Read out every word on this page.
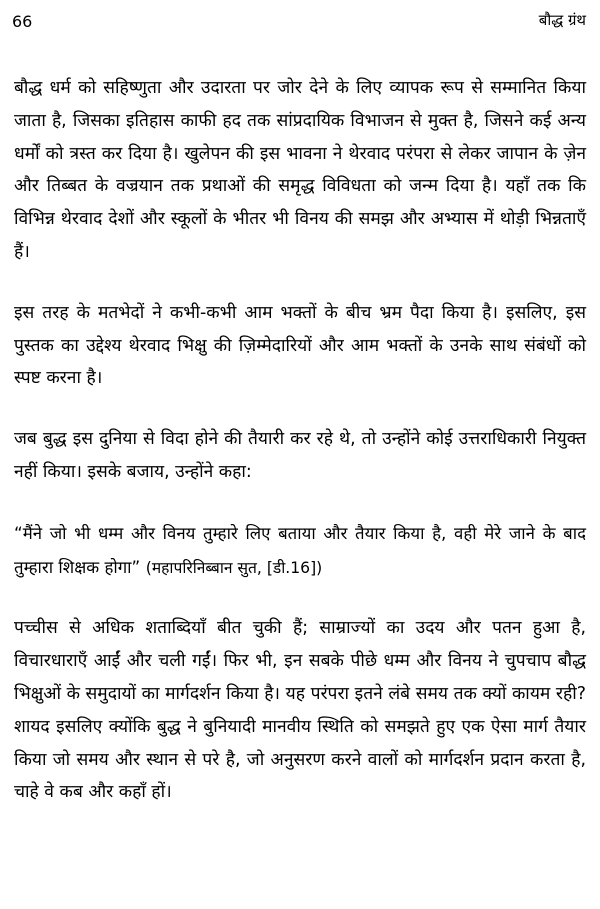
66	बौद्ध ग्रंथ

बौद्ध धर्म को सहिष्णुता और उदारता पर जोर देने के लिए व्यापक रूप से सम्मानित किया जाता है, जिसका इतिहास काफी हद तक सांप्रदायिक विभाजन से मुक्त है, जिसने कई अन्य धर्मों को त्रस्त कर दिया है। खुलेपन की इस भावना ने थेरवाद परंपरा से लेकर जापान के ज़ेन और तिब्बत के वज्रयान तक प्रथाओं की समृद्ध विविधता को जन्म दिया है। यहाँ तक कि विभिन्न थेरवाद देशों और स्कूलों के भीतर भी विनय की समझ और अभ्यास में थोड़ी भिन्नताएँ हैं।

इस तरह के मतभेदों ने कभी-कभी आम भक्तों के बीच भ्रम पैदा किया है। इसलिए, इस पुस्तक का उद्देश्य थेरवाद भिक्षु की ज़िम्मेदारियों और आम भक्तों के उनके साथ संबंधों को स्पष्ट करना है।

जब बुद्ध इस दुनिया से विदा होने की तैयारी कर रहे थे, तो उन्होंने कोई उत्तराधिकारी नियुक्त नहीं किया। इसके बजाय, उन्होंने कहा:

“मैंने जो भी धम्म और विनय तुम्हारे लिए बताया और तैयार किया है, वही मेरे जाने के बाद तुम्हारा शिक्षक होगा” (महापरिनिब्बान सुत, [डी.16])

पच्चीस से अधिक शताब्दियाँ बीत चुकी हैं; साम्राज्यों का उदय और पतन हुआ है, विचारधाराएँ आईं और चली गईं। फिर भी, इन सबके पीछे धम्म और विनय ने चुपचाप बौद्ध भिक्षुओं के समुदायों का मार्गदर्शन किया है। यह परंपरा इतने लंबे समय तक क्यों कायम रही? शायद इसलिए क्योंकि बुद्ध ने बुनियादी मानवीय स्थिति को समझते हुए एक ऐसा मार्ग तैयार किया जो समय और स्थान से परे है, जो अनुसरण करने वालों को मार्गदर्शन प्रदान करता है, चाहे वे कब और कहाँ हों।
